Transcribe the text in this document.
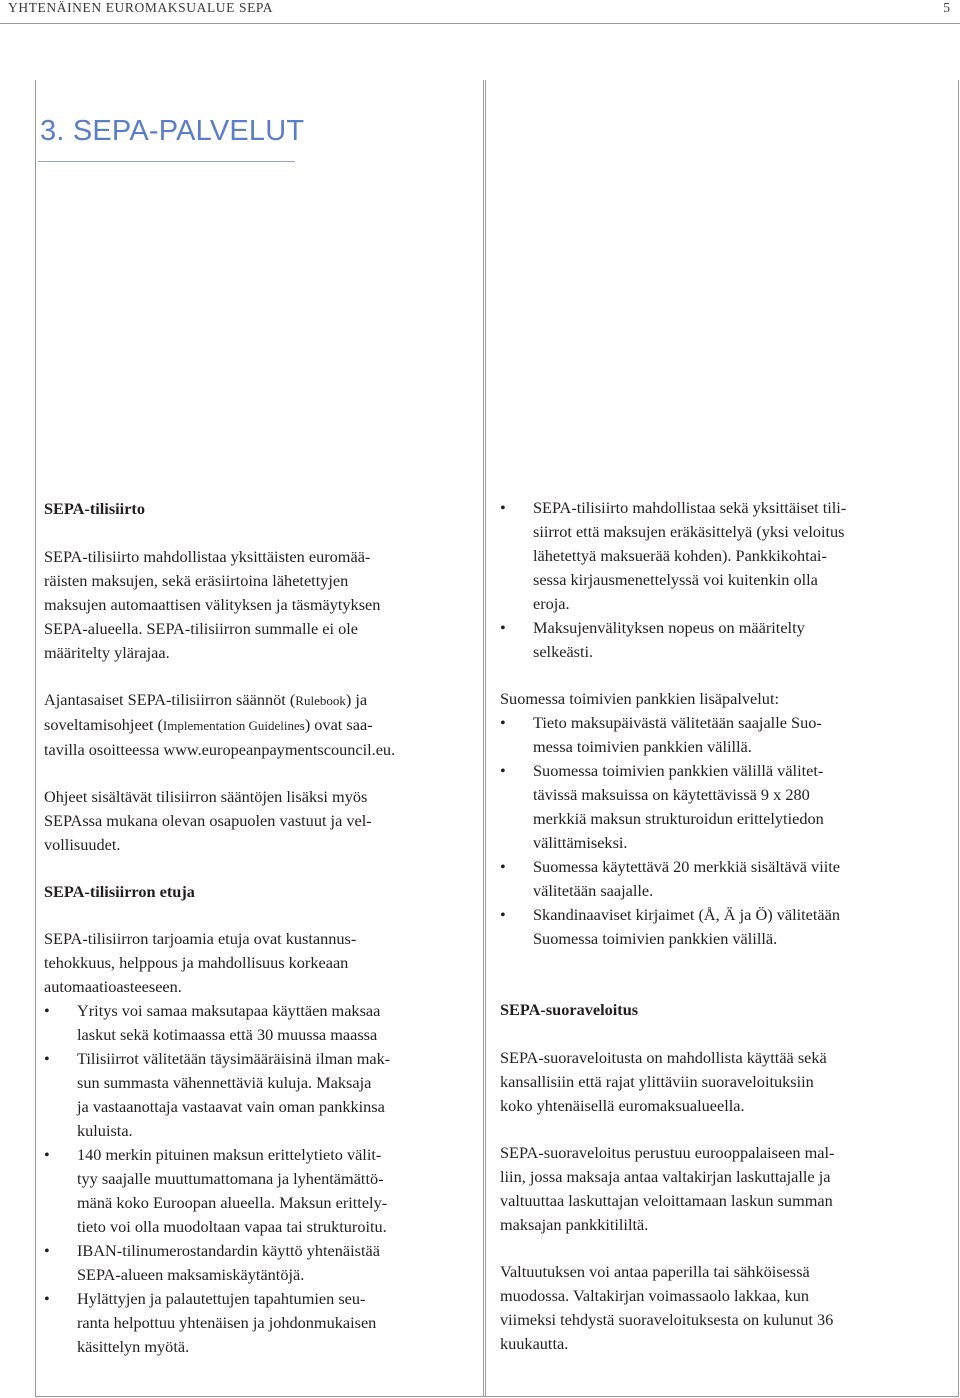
YHTENÄINEN EUROMAKSUALUE SEPA	5
3. SEPA-PALVELUT
SEPA-tilisiirto

SEPA-tilisiirto mahdollistaa yksittäisten euromää-
räisten maksujen, sekä eräsiirtoina lähetettyjen
maksujen automaattisen välityksen ja täsmäytyksen
SEPA-alueella. SEPA-tilisiirron summalle ei ole
määritelty ylärajaa.

Ajantasaiset SEPA-tilisiirron säännöt (Rulebook) ja
soveltamisohjeet (Implementation Guidelines) ovat saa-
tavilla osoitteessa www.europeanpaymentscouncil.eu.

Ohjeet sisältävät tilisiirron sääntöjen lisäksi myös
SEPAssa mukana olevan osapuolen vastuut ja vel-
vollisuudet.

SEPA-tilisiirron etuja

SEPA-tilisiirron tarjoamia etuja ovat kustannus-
tehokkuus, helppous ja mahdollisuus korkeaan
automaatioasteeseen.

• Yritys voi samaa maksutapaa käyttäen maksaa
laskut sekä kotimaassa että 30 muussa maassa
• Tilisiirrot välitetään täysimääräisinä ilman mak-
sun summasta vähennettäviä kuluja. Maksaja
ja vastaanottaja vastaavat vain oman pankkinsa
kuluista.
• 140 merkin pituinen maksun erittelytieto välit-
tyy saajalle muuttumattomana ja lyhentämättö-
mänä koko Euroopan alueella. Maksun erittely-
tieto voi olla muodoltaan vapaa tai strukturoitu.
• IBAN-tilinumerostandardin käyttö yhtenäistää
SEPA-alueen maksamiskäytäntöjä.
• Hylättyjen ja palautettujen tapahtumien seu-
ranta helpottuu yhtenäisen ja johdonmukaisen
käsittelyn myötä.
• SEPA-tilisiirto mahdollistaa sekä yksittäiset tili-
siirrot että maksujen eräkäsittelyä (yksi veloitus
lähetettyä maksuerää kohden). Pankkikohtai-
sessa kirjausmenettelyssä voi kuitenkin olla
eroja.
• Maksujenvälityksen nopeus on määritelty
selkeästi.

Suomessa toimivien pankkien lisäpalvelut:

• Tieto maksupäivästä välitetään saajalle Suo-
messa toimivien pankkien välillä.
• Suomessa toimivien pankkien välillä välitet-
tävissä maksuissa on käytettävissä 9 x 280
merkkiä maksun strukturoidun erittelytiedon
välittämiseksi.
• Suomessa käytettävä 20 merkkiä sisältävä viite
välitetään saajalle.
• Skandinaaviset kirjaimet (Å, Ä ja Ö) välitetään
Suomessa toimivien pankkien välillä.
SEPA-suoraveloitus

SEPA-suoraveloitusta on mahdollista käyttää sekä
kansallisiin että rajat ylittäviin suoraveloituksiin
koko yhtenäisellä euromaksualueella.

SEPA-suoraveloitus perustuu eurooppalaiseen mal-
liin, jossa maksaja antaa valtakirjan laskuttajalle ja
valtuuttaa laskuttajan veloittamaan laskun summan
maksajan pankkitililtä.

Valtuutuksen voi antaa paperilla tai sähköisessä
muodossa. Valtakirjan voimassaolo lakkaa, kun
viimeksi tehdystä suoraveloituksesta on kulunut 36
kuukautta.
